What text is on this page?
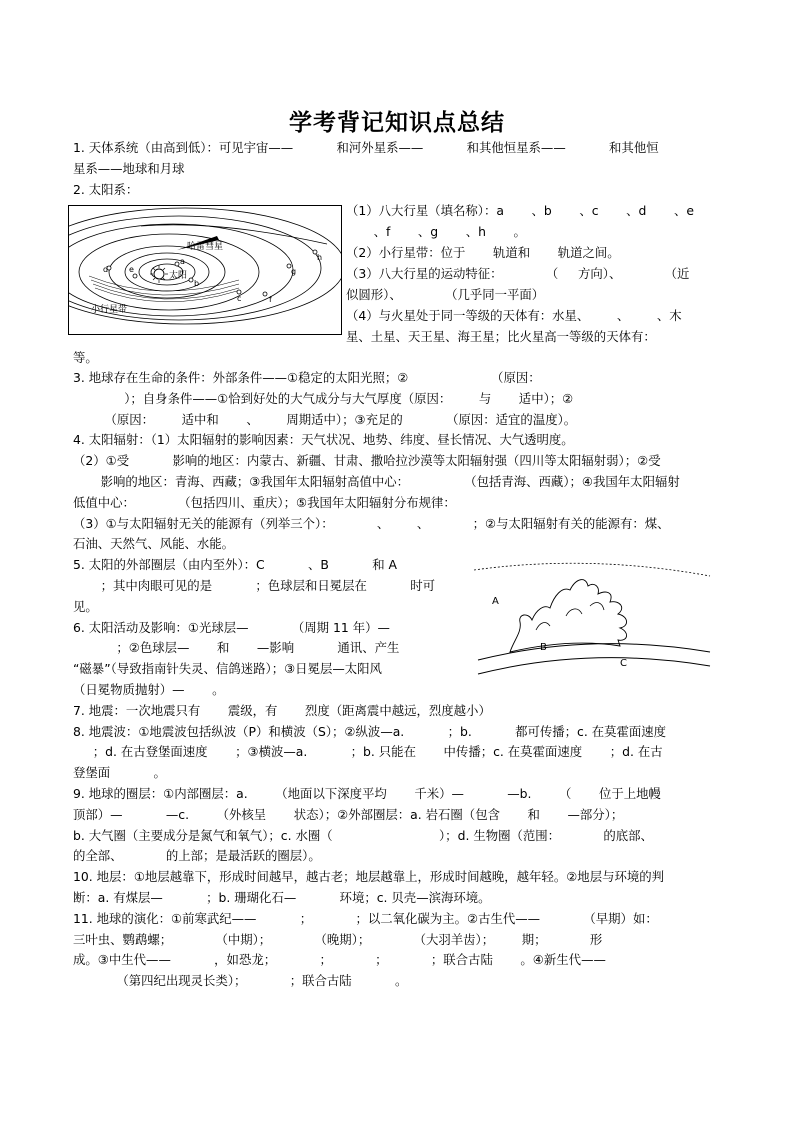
学考背记知识点总结
1. 天体系统（由高到低）：可见宇宙——           和河外星系——           和其他恒星系——           和其他恒
星系——地球和月球
2. 太阳系：
（1）八大行星（填名称）：a       、b       、c       、d       、e
、f       、g       、h       。
（2）小行星带：位于       轨道和       轨道之间。
（3）八大行星的运动特征：           （     方向）、           （近
似圆形）、           （几乎同一平面）
（4）与火星处于同一等级的天体有：水星、       、       、木
星、土星、天王星、海王星；比火星高一等级的天体有：
等。
3. 地球存在生命的条件：外部条件——①稳定的太阳光照；②                     （原因：
）；自身条件——①恰到好处的大气成分与大气厚度（原因：       与       适中）；②
（原因：       适中和       、       周期适中）；③充足的           （原因：适宜的温度）。
4. 太阳辐射：（1）太阳辐射的影响因素：天气状况、地势、纬度、昼长情况、大气透明度。
（2）①受           影响的地区：内蒙古、新疆、甘肃、撒哈拉沙漠等太阳辐射强（四川等太阳辐射弱）；②受
影响的地区：青海、西藏；③我国年太阳辐射高值中心：              （包括青海、西藏）；④我国年太阳辐射
低值中心：           （包括四川、重庆）；⑤我国年太阳辐射分布规律：
（3）①与太阳辐射无关的能源有（列举三个）：           、       、           ；②与太阳辐射有关的能源有：煤、
石油、天然气、风能、水能。
5. 太阳的外部圈层（由内至外）：C           、B           和 A
；其中肉眼可见的是           ；色球层和日冕层在           时可
见。
6. 太阳活动及影响：①光球层—           （周期 11 年）—
；②色球层—       和       —影响           通讯、产生
“磁暴”（导致指南针失灵、信鸽迷路）；③日冕层—太阳风
（日冕物质抛射）—       。
7. 地震：一次地震只有       震级，有       烈度（距离震中越远，烈度越小）
8. 地震波：①地震波包括纵波（P）和横波（S）；②纵波—a.           ；b.           都可传播；c. 在莫霍面速度
；d. 在古登堡面速度       ；③横波—a.           ；b. 只能在       中传播；c. 在莫霍面速度       ；d. 在古
登堡面           。
9. 地球的圈层：①内部圈层：a.       （地面以下深度平均       千米）—           —b.       （       位于上地幔
顶部）—           —c.       （外核呈       状态）；②外部圈层：a. 岩石圈（包含       和       —部分）；
b. 大气圈（主要成分是氮气和氧气）；c. 水圈（                           ）；d. 生物圈（范围：           的底部、
的全部、           的上部；是最活跃的圈层）。
10. 地层：①地层越靠下，形成时间越早，越古老；地层越靠上，形成时间越晚，越年轻。②地层与环境的判
断：a. 有煤层—           ；b. 珊瑚化石—           环境；c. 贝壳—滨海环境。
11. 地球的演化：①前寒武纪——           ；           ；以二氧化碳为主。②古生代——           （早期）如：
三叶虫、鹦鹉螺；           （中期）；           （晚期）；           （大羽羊齿）；       期；           形
成。③中生代——           ，如恐龙；           ；           ；           ；联合古陆       。④新生代——
（第四纪出现灵长类）；           ；联合古陆           。
哈雷彗星
太阳
小行星带
a
b
c
d	e
f
g
h
A
B
C
